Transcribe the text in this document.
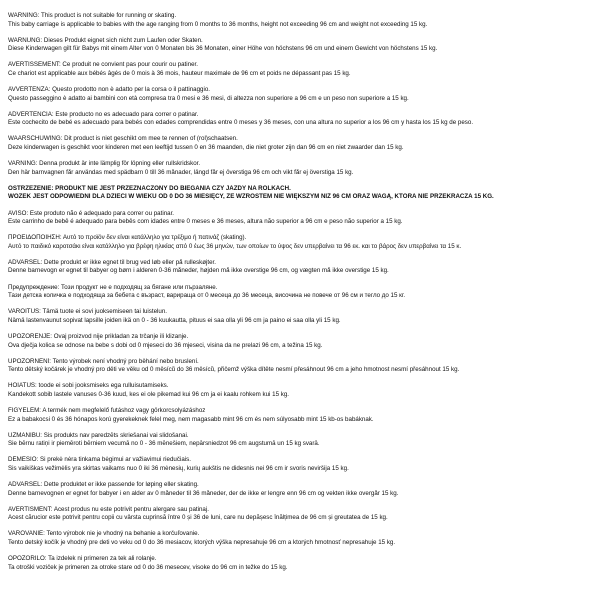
WARNING: This product is not suitable for running or skating.
This baby carriage is applicable to babies with the age ranging from 0 months to 36 months, height not exceeding 96 cm and weight not exceeding 15 kg.
WARNUNG: Dieses Produkt eignet sich nicht zum Laufen oder Skaten.
Diese Kinderwagen gilt für Babys mit einem Alter von 0 Monaten bis 36 Monaten, einer Höhe von höchstens 96 cm und einem Gewicht von höchstens 15 kg.
AVERTISSEMENT: Ce produit ne convient pas pour courir ou patiner.
Ce chariot est applicable aux bébés âgés de 0 mois à 36 mois, hauteur maximale de 96 cm et poids ne dépassant pas 15 kg.
AVVERTENZA: Questo prodotto non è adatto per la corsa o il pattinaggio.
Questo passeggino è adatto ai bambini con età compresa tra 0 mesi e 36 mesi, di altezza non superiore a 96 cm e un peso non superiore a 15 kg.
ADVERTENCIA: Este producto no es adecuado para correr o patinar.
Este cochecito de bebé es adecuado para bebés con edades comprendidas entre 0 meses y 36 meses, con una altura no superior a los 96 cm y hasta los 15 kg de peso.
WAARSCHUWING: Dit product is niet geschikt om mee te rennen of (rol)schaatsen.
Deze kinderwagen is geschikt voor kinderen met een leeftijd tussen 0 en 36 maanden, die niet groter zijn dan 96 cm en niet zwaarder dan 15 kg.
VARNING: Denna produkt är inte lämplig för löpning eller rullskridskor.
Den här barnvagnen får användas med spädbarn 0 till 36 månader, längd får ej överstiga 96 cm och vikt får ej överstiga 15 kg.
OSTRZEŻENIE: PRODUKT NIE JEST PRZEZNACZONY DO BIEGANIA CZY JAZDY NA ROLKACH.
WÓZEK JEST ODPOWIEDNI DLA DZIECI W WIEKU OD 0 DO 36 MIESIĘCY, ZE WZROSTEM NIE WIĘKSZYM NIŻ 96 CM ORAZ WAGĄ, KTÓRA NIE PRZEKRACZA 15 KG.
AVISO: Este produto não é adequado para correr ou patinar.
Este carrinho de bebê é adequado para bebês com idades entre 0 meses e 36 meses, altura não superior a 96 cm e peso não superior a 15 kg.
ΠΡΟΕΙΔΟΠΟΙΗΣΗ: Αυτό το προϊόν δεν είναι κατάλληλο για τρέξιμο ή πατινάζ (skating).
Αυτό το παιδικό καροτσάκι είναι κατάλληλο για βρέφη ηλικίας από 0 έως 36 μηνών, των οποίων το ύψος δεν υπερβαίνει τα 96 εκ. και το βάρος δεν υπερβαίνει τα 15 κ.
ADVARSEL: Dette produkt er ikke egnet til brug ved løb eller på rulleskøjter.
Denne barnevogn er egnet til babyer og børn i alderen 0-36 måneder, højden må ikke overstige 96 cm, og vægten må ikke overstige 15 kg.
Предупреждение: Този продукт не е подходящ за бягане или пързаляне.
Тази детска количка е подходяща за бебета с възраст, варираща от 0 месеца до 36 месеца, височина не повече от 96 см и тегло до 15 кг.
VAROITUS: Tämä tuote ei sovi juoksemiseen tai luistelun.
Nämä lastenvaunut sopivat lapsille joiden ikä on 0 - 36 kuukautta, pituus ei saa olla yli 96 cm ja paino ei saa olla yli 15 kg.
UPOZORENJE: Ovaj proizvod nije prikladan za trčanje ili klizanje.
Ova dječja kolica se odnose na bebe s dobi od 0 mjeseci do 36 mjeseci, visina da ne prelazi 96 cm, a težina 15 kg.
UPOZORNENÍ: Tento výrobek není vhodný pro běhání nebo bruslení.
Tento dětský kočárek je vhodný pro děti ve věku od 0 měsíců do 36 měsíců, přičemž výška dítěte nesmí přesáhnout 96 cm a jeho hmotnost nesmí přesáhnout 15 kg.
HOIATUS: toode ei sobi jooksmiseks ega rulluisutamiseks.
Kandekott sobib lastele vanuses 0-36 kuud, kes ei ole pikemad kui 96 cm ja ei kaalu rohkem kui 15 kg.
FIGYELEM: A termék nem megfelelő futáshoz vagy görkorcsolyázáshoz
Ez a babakocsi 0 és 36 hónapos korú gyerekeknek felel meg, nem magasabb mint 96 cm és nem súlyosabb mint 15 kb-os babáknak.
UZMANĪBU: Šis produkts nav paredzēts skriešanai vai slidošanai.
Šie bērnu ratiņi ir piemēroti bērniem vecumā no 0 - 36 mēnešiem, nepārsniedzot 96 cm augstumā un 15 kg svarā.
DĖMESIO: Ši prekė nėra tinkama bėgimui ar važiavimui riedučiais.
Šis vaikiškas vežimėlis yra skirtas vaikams nuo 0 iki 36 mėnesių, kurių aukštis ne didesnis nei 96 cm ir svoris neviršija 15 kg.
ADVARSEL: Dette produktet er ikke passende for løping eller skating.
Denne barnevognen er egnet for babyer i en alder av 0 måneder til 36 måneder, der de ikke er lengre enn 96 cm og vekten ikke overgår 15 kg.
AVERTISMENT: Acest produs nu este potrivit pentru alergare sau patinaj.
Acest cărucior este potrivit pentru copii cu vârsta cuprinsă între 0 și 36 de luni, care nu depășesc înălțimea de 96 cm și greutatea de 15 kg.
VAROVANIE: Tento výrobok nie je vhodný na behanie a korčuľovanie.
Tento detský kočík je vhodný pre deti vo veku od 0 do 36 mesiacov, ktorých výška nepresahuje 96 cm a ktorých hmotnosť nepresahuje 15 kg.
OPOZORILO: Ta izdelek ni primeren za tek ali rolanje.
Ta otroški voziček je primeren za otroke stare od 0 do 36 mesecev, visoke do 96 cm in težke do 15 kg.
